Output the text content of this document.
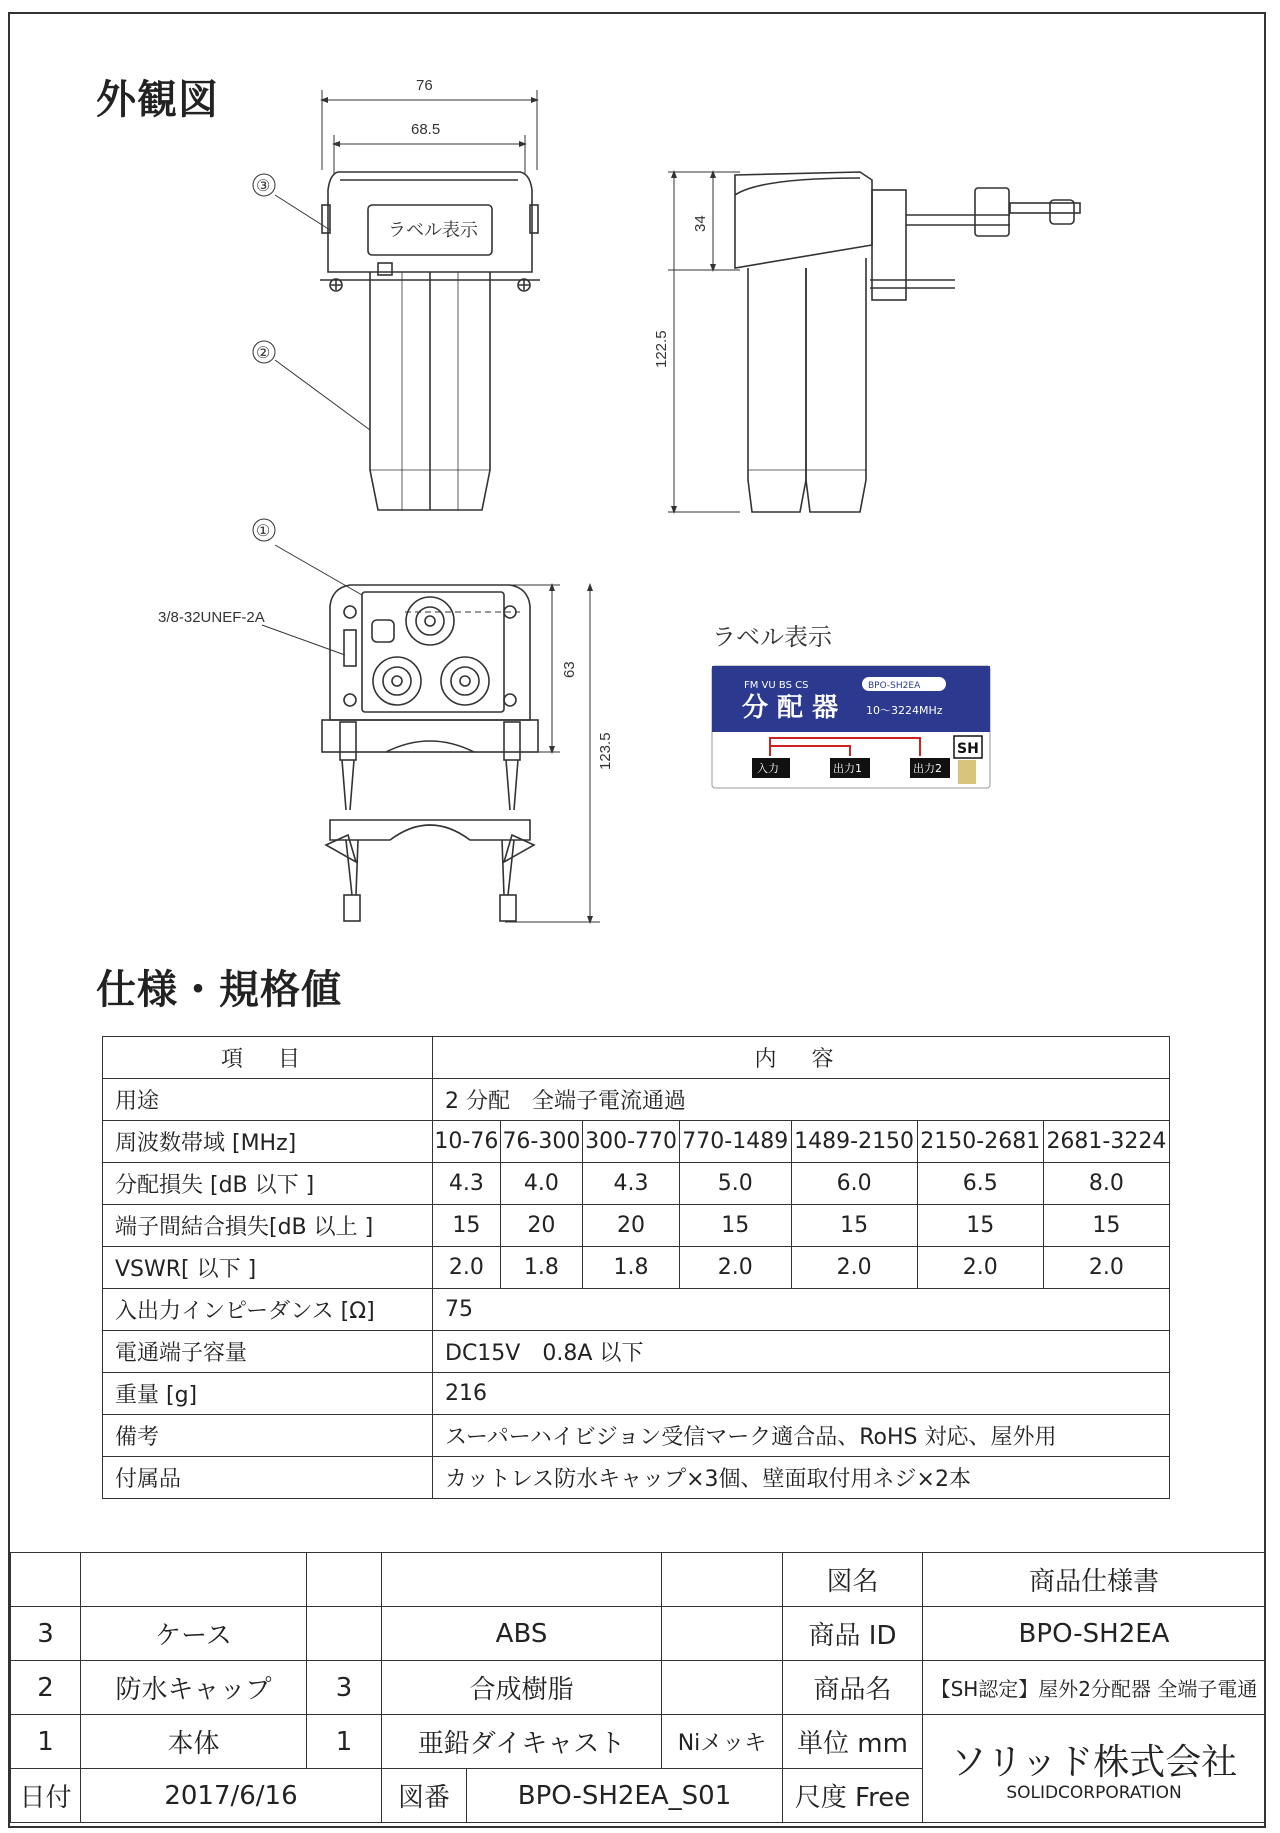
外観図
仕様・規格値
ラベル表示	34
122.5
63
123.5
3/8-32UNEF-2A
76
68.5
③
②
①
ラベル表示
FM VU BS CS	BPO-SH2EA
分 配 器	10～3224MHz
入力	出力1	出力2
SH
項 目	内 容						
用途	2 分配　全端子電流通過						
周波数帯域 [MHz]	10-76	76-300	300-770	770-1489	1489-2150	2150-2681	2681-3224
分配損失 [dB 以下 ]	4.3	4.0	4.3	5.0	6.0	6.5	8.0
端子間結合損失[dB 以上 ]	15	20	20	15	15	15	15
VSWR[ 以下 ]	2.0	1.8	1.8	2.0	2.0	2.0	2.0
入出力インピーダンス [Ω]	75						
電通端子容量	DC15V　0.8A 以下						
重量 [g]	216						
備考	スーパーハイビジョン受信マーク適合品、RoHS 対応、屋外用						
付属品	カットレス防水キャップ×3個、壁面取付用ネジ×2本						
						図名	商品仕様書
3	ケース		ABS			商品 ID	BPO-SH2EA
2	防水キャップ	3	合成樹脂			商品名	【SH認定】屋外2分配器 全端子電通
1	本体	1	亜鉛ダイキャスト		Niメッキ	単位 mm	ソリッド株式会社
SOLIDCORPORATION

日付	2017/6/16		図番	BPO-SH2EA_S01		尺度 Free	
